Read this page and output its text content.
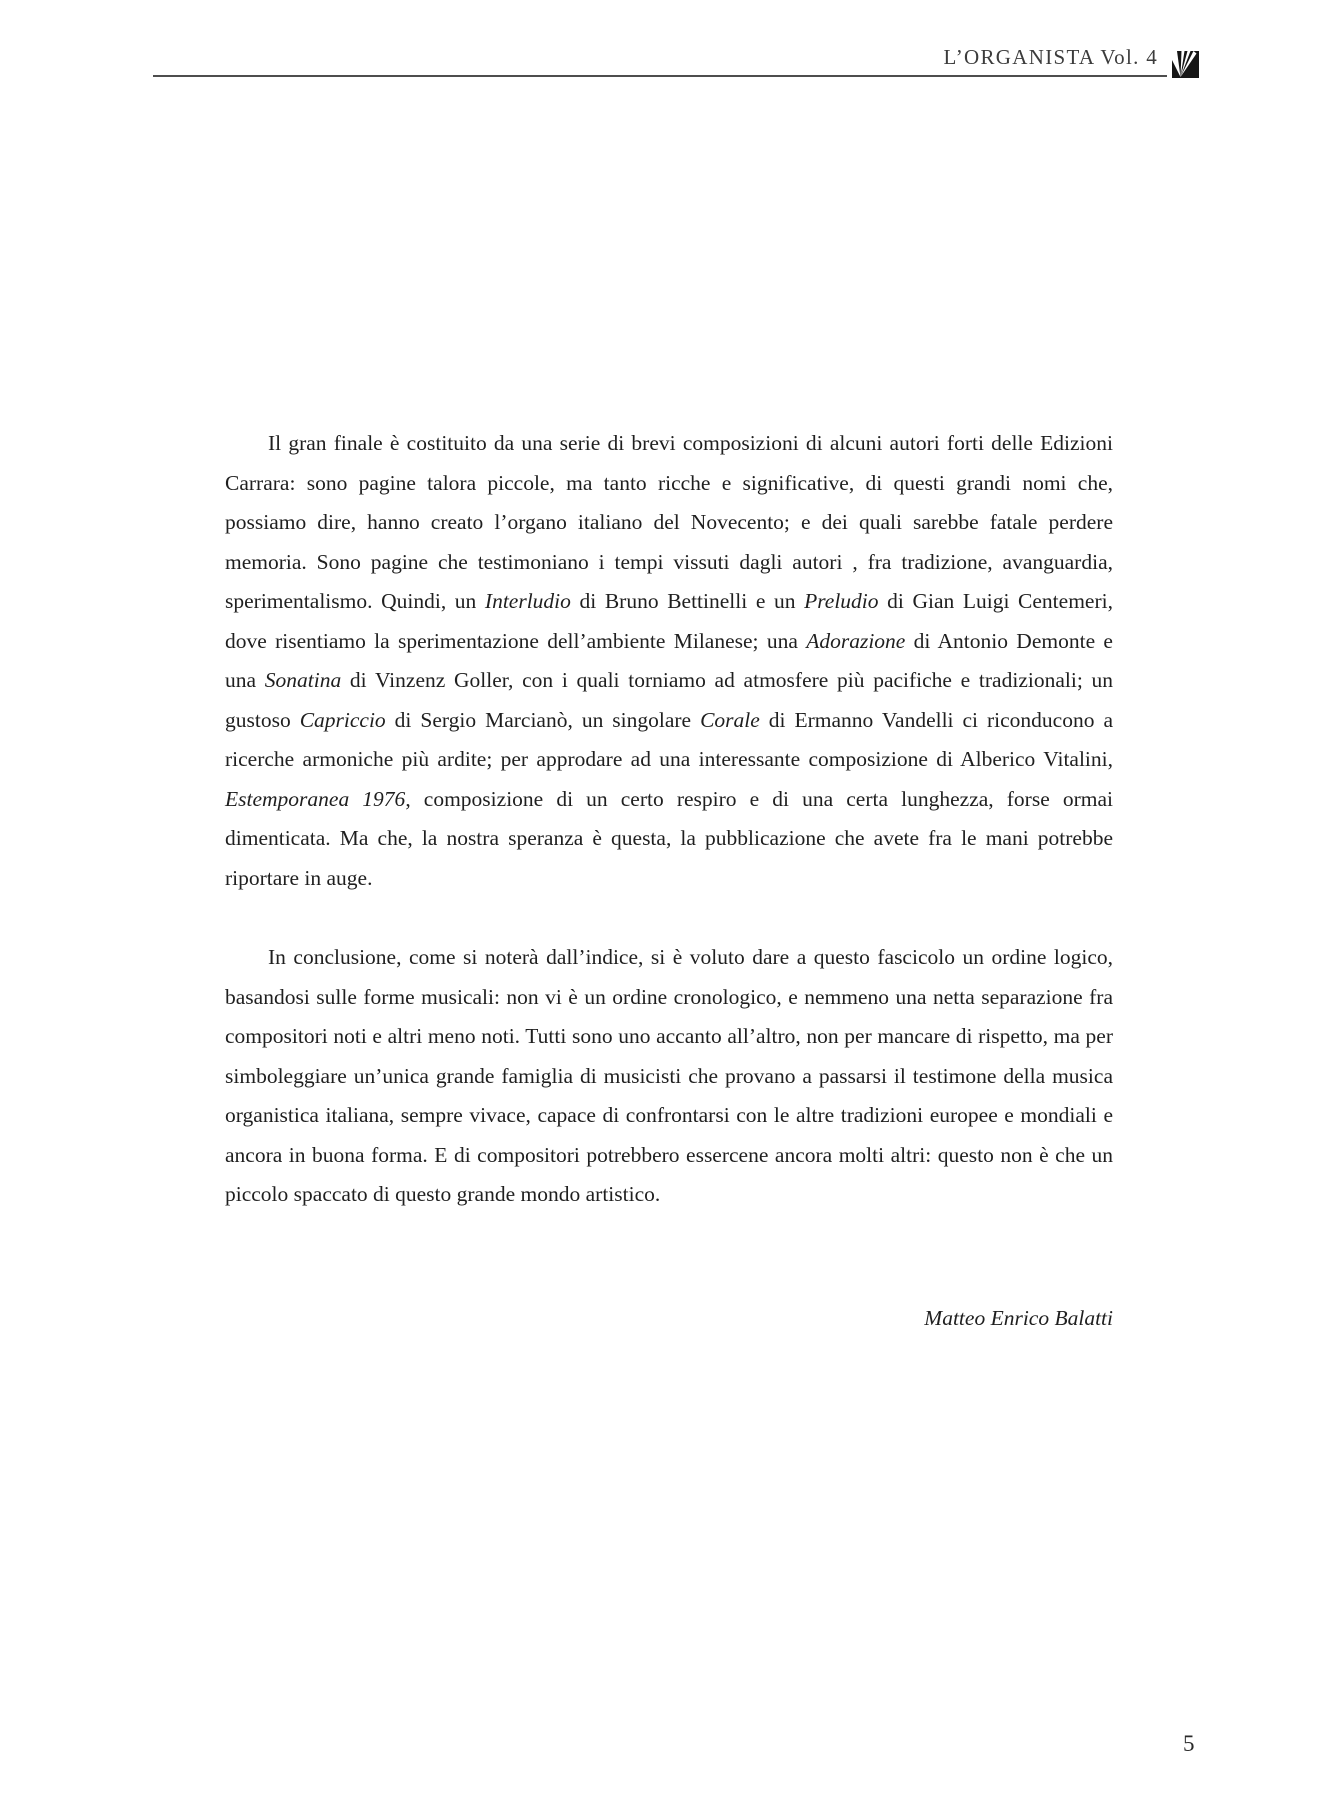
L’ORGANISTA Vol. 4

Il gran finale è costituito da una serie di brevi composizioni di alcuni autori forti delle Edizioni Carrara: sono pagine talora piccole, ma tanto ricche e significative, di questi grandi nomi che, possiamo dire, hanno creato l’organo italiano del Novecento; e dei quali sarebbe fatale perdere memoria. Sono pagine che testimoniano i tempi vissuti dagli autori , fra tradizione, avanguardia, sperimentalismo. Quindi, un Interludio di Bruno Bettinelli e un Preludio di Gian Luigi Centemeri, dove risentiamo la sperimentazione dell’ambiente Milanese; una Adorazione di Antonio Demonte e una Sonatina di Vinzenz Goller, con i quali torniamo ad atmosfere più pacifiche e tradizionali; un gustoso Capriccio di Sergio Marcianò, un singolare Corale di Ermanno Vandelli ci riconducono a ricerche armoniche più ardite; per approdare ad una interessante composizione di Alberico Vitalini, Estemporanea 1976, composizione di un certo respiro e di una certa lunghezza, forse ormai dimenticata. Ma che, la nostra speranza è questa, la pubblicazione che avete fra le mani potrebbe riportare in auge.

In conclusione, come si noterà dall’indice, si è voluto dare a questo fascicolo un ordine logico, basandosi sulle forme musicali: non vi è un ordine cronologico, e nemmeno una netta separazione fra compositori noti e altri meno noti. Tutti sono uno accanto all’altro, non per mancare di rispetto, ma per simboleggiare un’unica grande famiglia di musicisti che provano a passarsi il testimone della musica organistica italiana, sempre vivace, capace di confrontarsi con le altre tradizioni europee e mondiali e ancora in buona forma. E di compositori potrebbero essercene ancora molti altri: questo non è che un piccolo spaccato di questo grande mondo artistico.

Matteo Enrico Balatti

5
